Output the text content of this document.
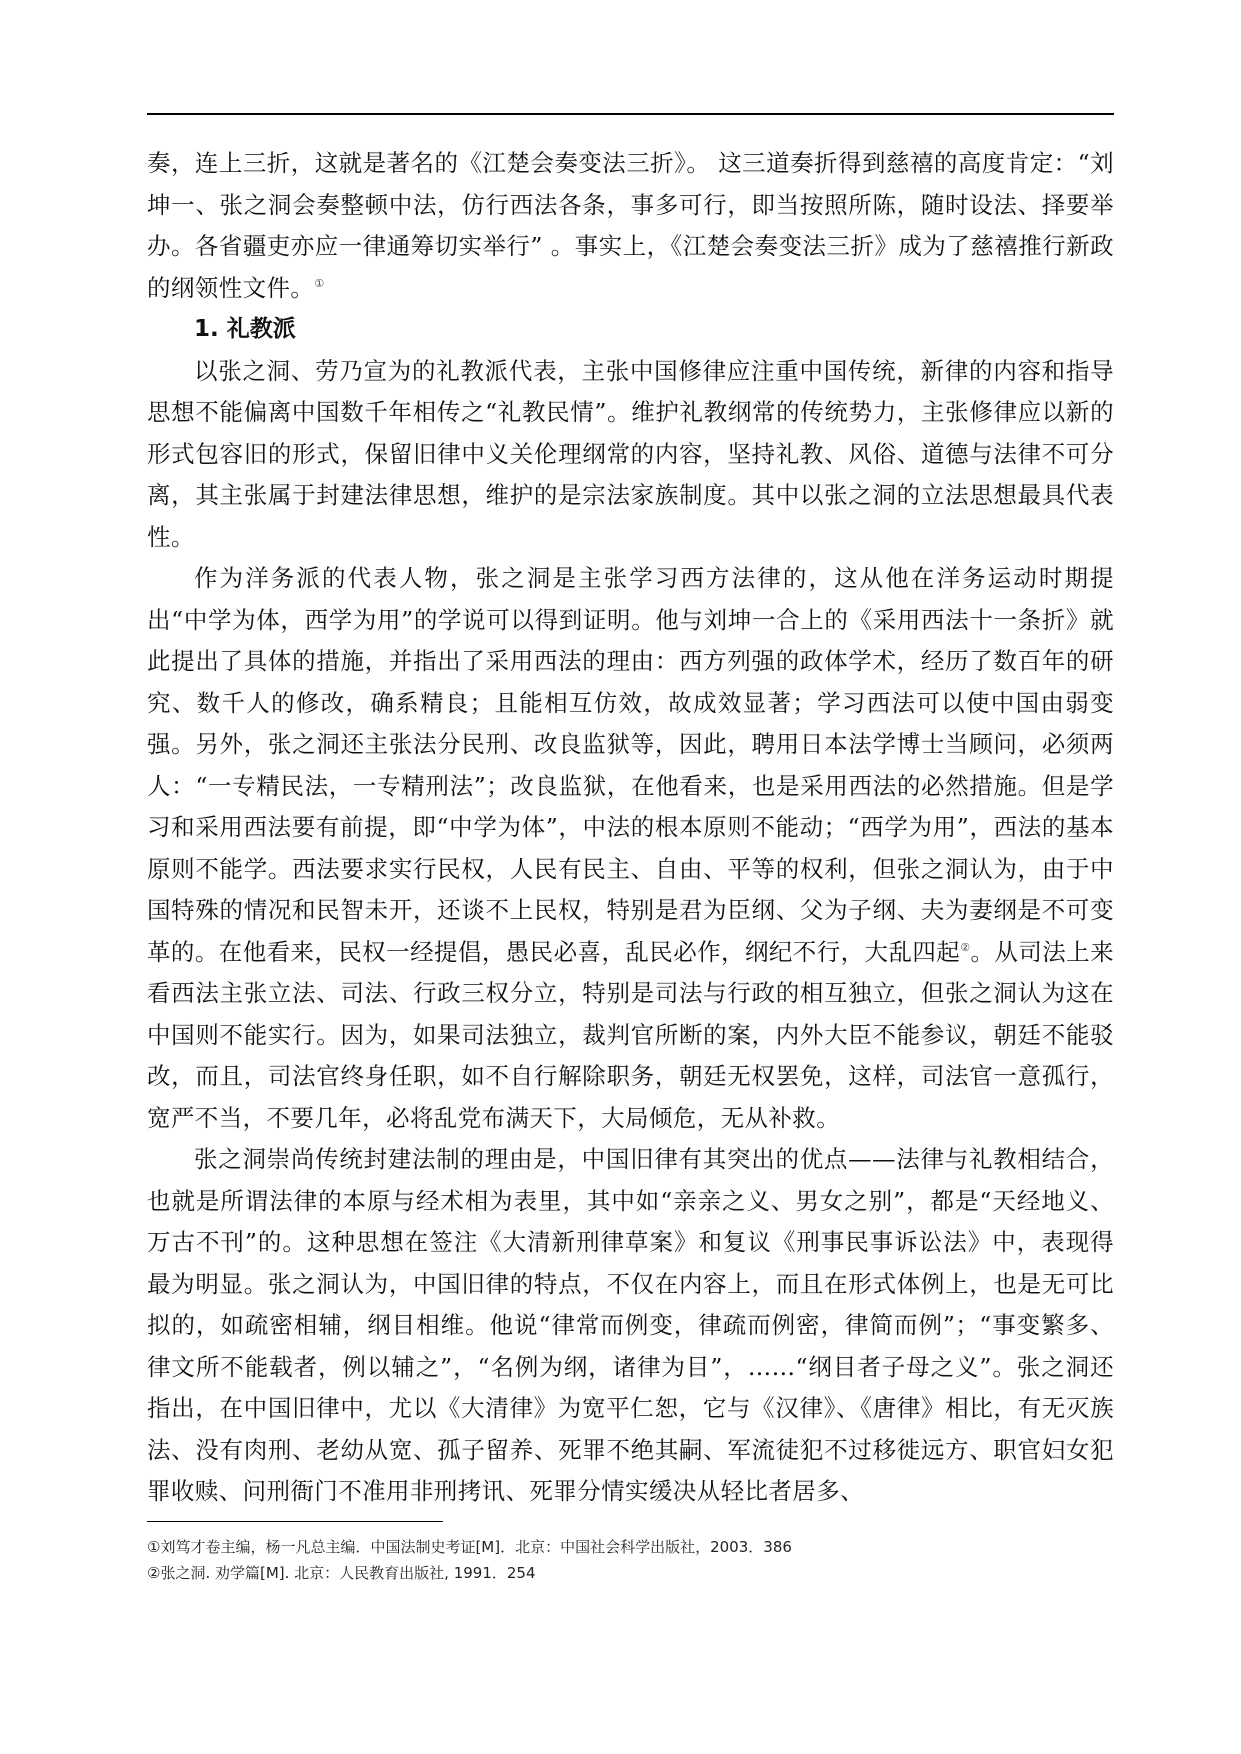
奏，连上三折，这就是著名的《江楚会奏变法三折》。 这三道奏折得到慈禧的高度肯定：“刘坤一、张之洞会奏整顿中法，仿行西法各条，事多可行，即当按照所陈，随时设法、择要举办。各省疆吏亦应一律通筹切实举行” 。事实上，《江楚会奏变法三折》成为了慈禧推行新政的纲领性文件。①

1. 礼教派

以张之洞、劳乃宣为的礼教派代表，主张中国修律应注重中国传统，新律的内容和指导思想不能偏离中国数千年相传之“礼教民情”。维护礼教纲常的传统势力，主张修律应以新的形式包容旧的形式，保留旧律中义关伦理纲常的内容，坚持礼教、风俗、道德与法律不可分离，其主张属于封建法律思想，维护的是宗法家族制度。其中以张之洞的立法思想最具代表性。

作为洋务派的代表人物，张之洞是主张学习西方法律的，这从他在洋务运动时期提出“中学为体，西学为用”的学说可以得到证明。他与刘坤一合上的《采用西法十一条折》就此提出了具体的措施，并指出了采用西法的理由：西方列强的政体学术，经历了数百年的研究、数千人的修改，确系精良；且能相互仿效，故成效显著；学习西法可以使中国由弱变强。另外，张之洞还主张法分民刑、改良监狱等，因此，聘用日本法学博士当顾问，必须两人：“一专精民法，一专精刑法”；改良监狱，在他看来，也是采用西法的必然措施。但是学习和采用西法要有前提，即“中学为体”，中法的根本原则不能动；“西学为用”，西法的基本原则不能学。西法要求实行民权，人民有民主、自由、平等的权利，但张之洞认为，由于中国特殊的情况和民智未开，还谈不上民权，特别是君为臣纲、父为子纲、夫为妻纲是不可变革的。在他看来，民权一经提倡，愚民必喜，乱民必作，纲纪不行，大乱四起②。从司法上来看西法主张立法、司法、行政三权分立，特别是司法与行政的相互独立，但张之洞认为这在中国则不能实行。因为，如果司法独立，裁判官所断的案，内外大臣不能参议，朝廷不能驳改，而且，司法官终身任职，如不自行解除职务，朝廷无权罢免，这样，司法官一意孤行，宽严不当，不要几年，必将乱党布满天下，大局倾危，无从补救。

张之洞崇尚传统封建法制的理由是，中国旧律有其突出的优点——法律与礼教相结合，也就是所谓法律的本原与经术相为表里，其中如“亲亲之义、男女之别”，都是“天经地义、万古不刊”的。这种思想在签注《大清新刑律草案》和复议《刑事民事诉讼法》中，表现得最为明显。张之洞认为，中国旧律的特点，不仅在内容上，而且在形式体例上，也是无可比拟的，如疏密相辅，纲目相维。他说“律常而例变，律疏而例密，律简而例”；“事变繁多、律文所不能载者，例以辅之”，“名例为纲，诸律为目”，……“纲目者子母之义”。张之洞还指出，在中国旧律中，尤以《大清律》为宽平仁恕，它与《汉律》、《唐律》相比，有无灭族法、没有肉刑、老幼从宽、孤子留养、死罪不绝其嗣、军流徒犯不过移徙远方、职官妇女犯罪收赎、问刑衙门不准用非刑拷讯、死罪分情实缓决从轻比者居多、

①刘笃才卷主编，杨一凡总主编．中国法制史考证[M]．北京：中国社会科学出版社，2003．386

②张之洞. 劝学篇[M]. 北京：人民教育出版社, 1991．254
